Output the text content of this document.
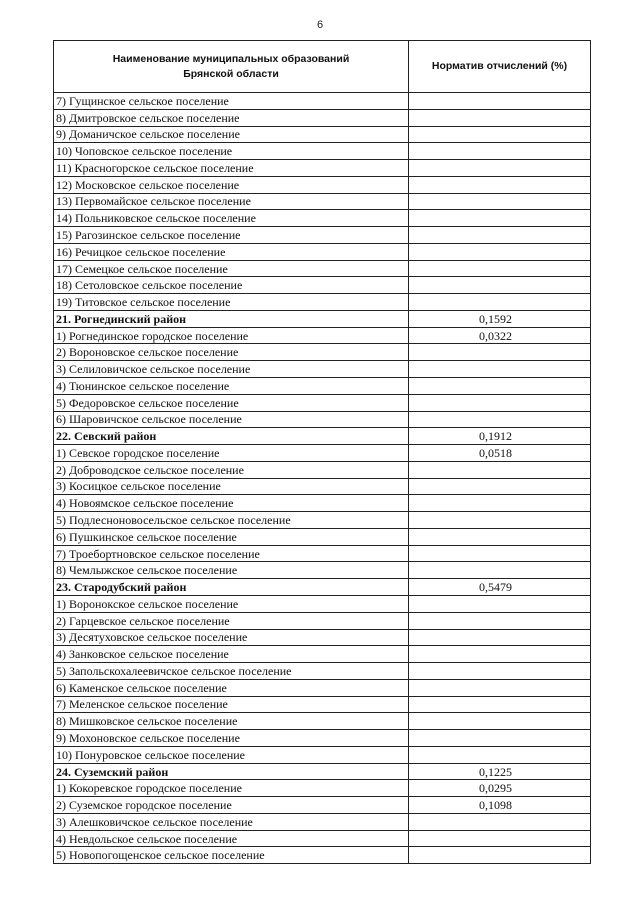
6
Наименование муниципальных образований
Брянской области	Норматив отчислений (%)
7) Гущинское сельское поселение	
8) Дмитровское сельское поселение	
9) Доманичское сельское поселение	
10) Чоповское сельское поселение	
11) Красногорское сельское поселение	
12) Московское сельское поселение	
13) Первомайское сельское поселение	
14) Польниковское сельское поселение	
15) Рагозинское сельское поселение	
16) Речицкое сельское поселение	
17) Семецкое сельское поселение	
18) Сетоловское сельское поселение	
19) Титовское сельское поселение	
21. Рогнединский район	0,1592
1) Рогнединское городское поселение	0,0322
2) Вороновское сельское поселение	
3) Селиловичское сельское поселение	
4) Тюнинское сельское поселение	
5) Федоровское сельское поселение	
6) Шаровичское сельское поселение	
22. Севский район	0,1912
1) Севское городское поселение	0,0518
2) Доброводское сельское поселение	
3) Косицкое сельское поселение	
4) Новоямское сельское поселение	
5) Подлесноновосельское сельское поселение	
6) Пушкинское сельское поселение	
7) Троебортновское сельское поселение	
8) Чемлыжское сельское поселение	
23. Стародубский район	0,5479
1) Воронокское сельское поселение	
2) Гарцевское сельское поселение	
3) Десятуховское сельское поселение	
4) Занковское сельское поселение	
5) Запольскохалеевичское сельское поселение	
6) Каменское сельское поселение	
7) Меленское сельское поселение	
8) Мишковское сельское поселение	
9) Мохоновское сельское поселение	
10) Понуровское сельское поселение	
24. Суземский район	0,1225
1) Кокоревское городское поселение	0,0295
2) Суземское городское поселение	0,1098
3) Алешковичское сельское поселение	
4) Невдольское сельское поселение	
5) Новопогощенское сельское поселение	
